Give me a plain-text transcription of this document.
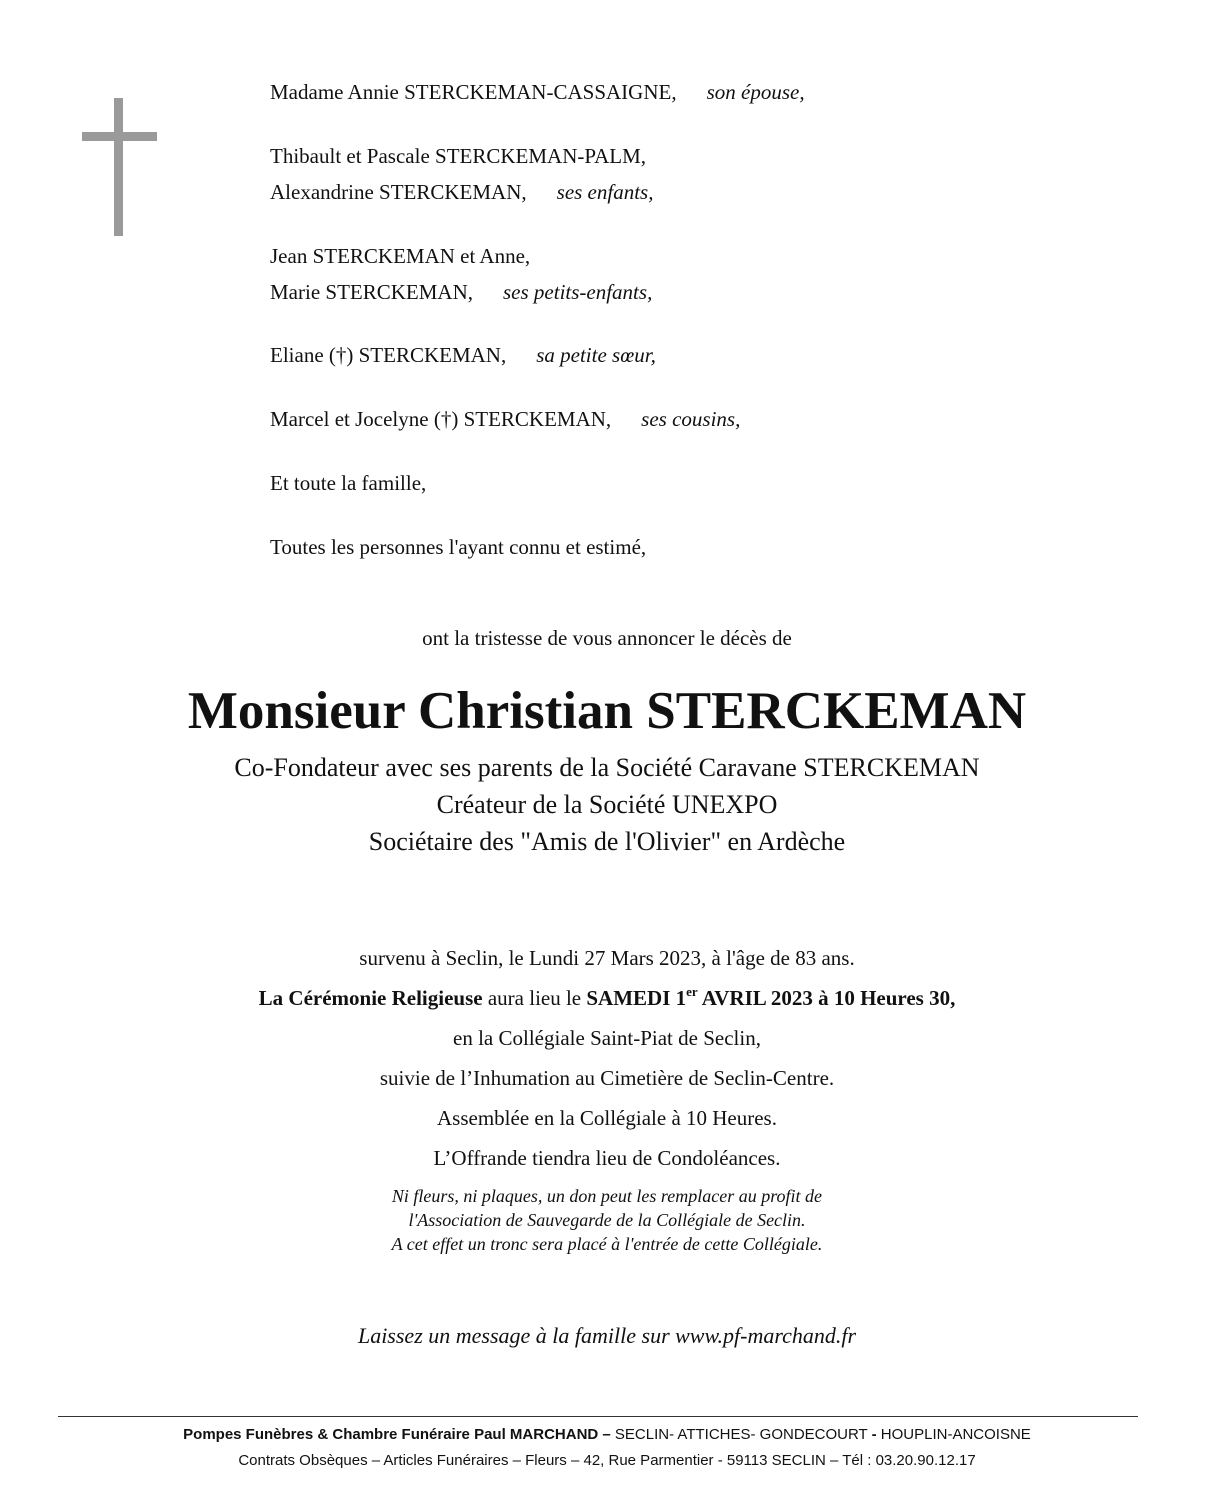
Madame Annie STERCKEMAN-CASSAIGNE, son épouse,
Thibault et Pascale STERCKEMAN-PALM,
Alexandrine STERCKEMAN, ses enfants,
Jean STERCKEMAN et Anne,
Marie STERCKEMAN, ses petits-enfants,
Eliane (†) STERCKEMAN, sa petite sœur,
Marcel et Jocelyne (†) STERCKEMAN, ses cousins,
Et toute la famille,
Toutes les personnes l'ayant connu et estimé,
ont la tristesse de vous annoncer le décès de
Monsieur Christian STERCKEMAN
Co-Fondateur avec ses parents de la Société Caravane STERCKEMAN
Créateur de la Société UNEXPO
Sociétaire des "Amis de l'Olivier" en Ardèche
survenu à Seclin, le Lundi 27 Mars 2023, à l'âge de 83 ans.
La Cérémonie Religieuse aura lieu le SAMEDI 1er AVRIL 2023 à 10 Heures 30,
en la Collégiale Saint-Piat de Seclin,
suivie de l’Inhumation au Cimetière de Seclin-Centre.
Assemblée en la Collégiale à 10 Heures.
L’Offrande tiendra lieu de Condoléances.
Ni fleurs, ni plaques, un don peut les remplacer au profit de
l'Association de Sauvegarde de la Collégiale de Seclin.
A cet effet un tronc sera placé à l'entrée de cette Collégiale.
Laissez un message à la famille sur www.pf-marchand.fr
Pompes Funèbres & Chambre Funéraire Paul MARCHAND – SECLIN- ATTICHES- GONDECOURT - HOUPLIN-ANCOISNE
Contrats Obsèques – Articles Funéraires – Fleurs – 42, Rue Parmentier - 59113 SECLIN – Tél : 03.20.90.12.17
